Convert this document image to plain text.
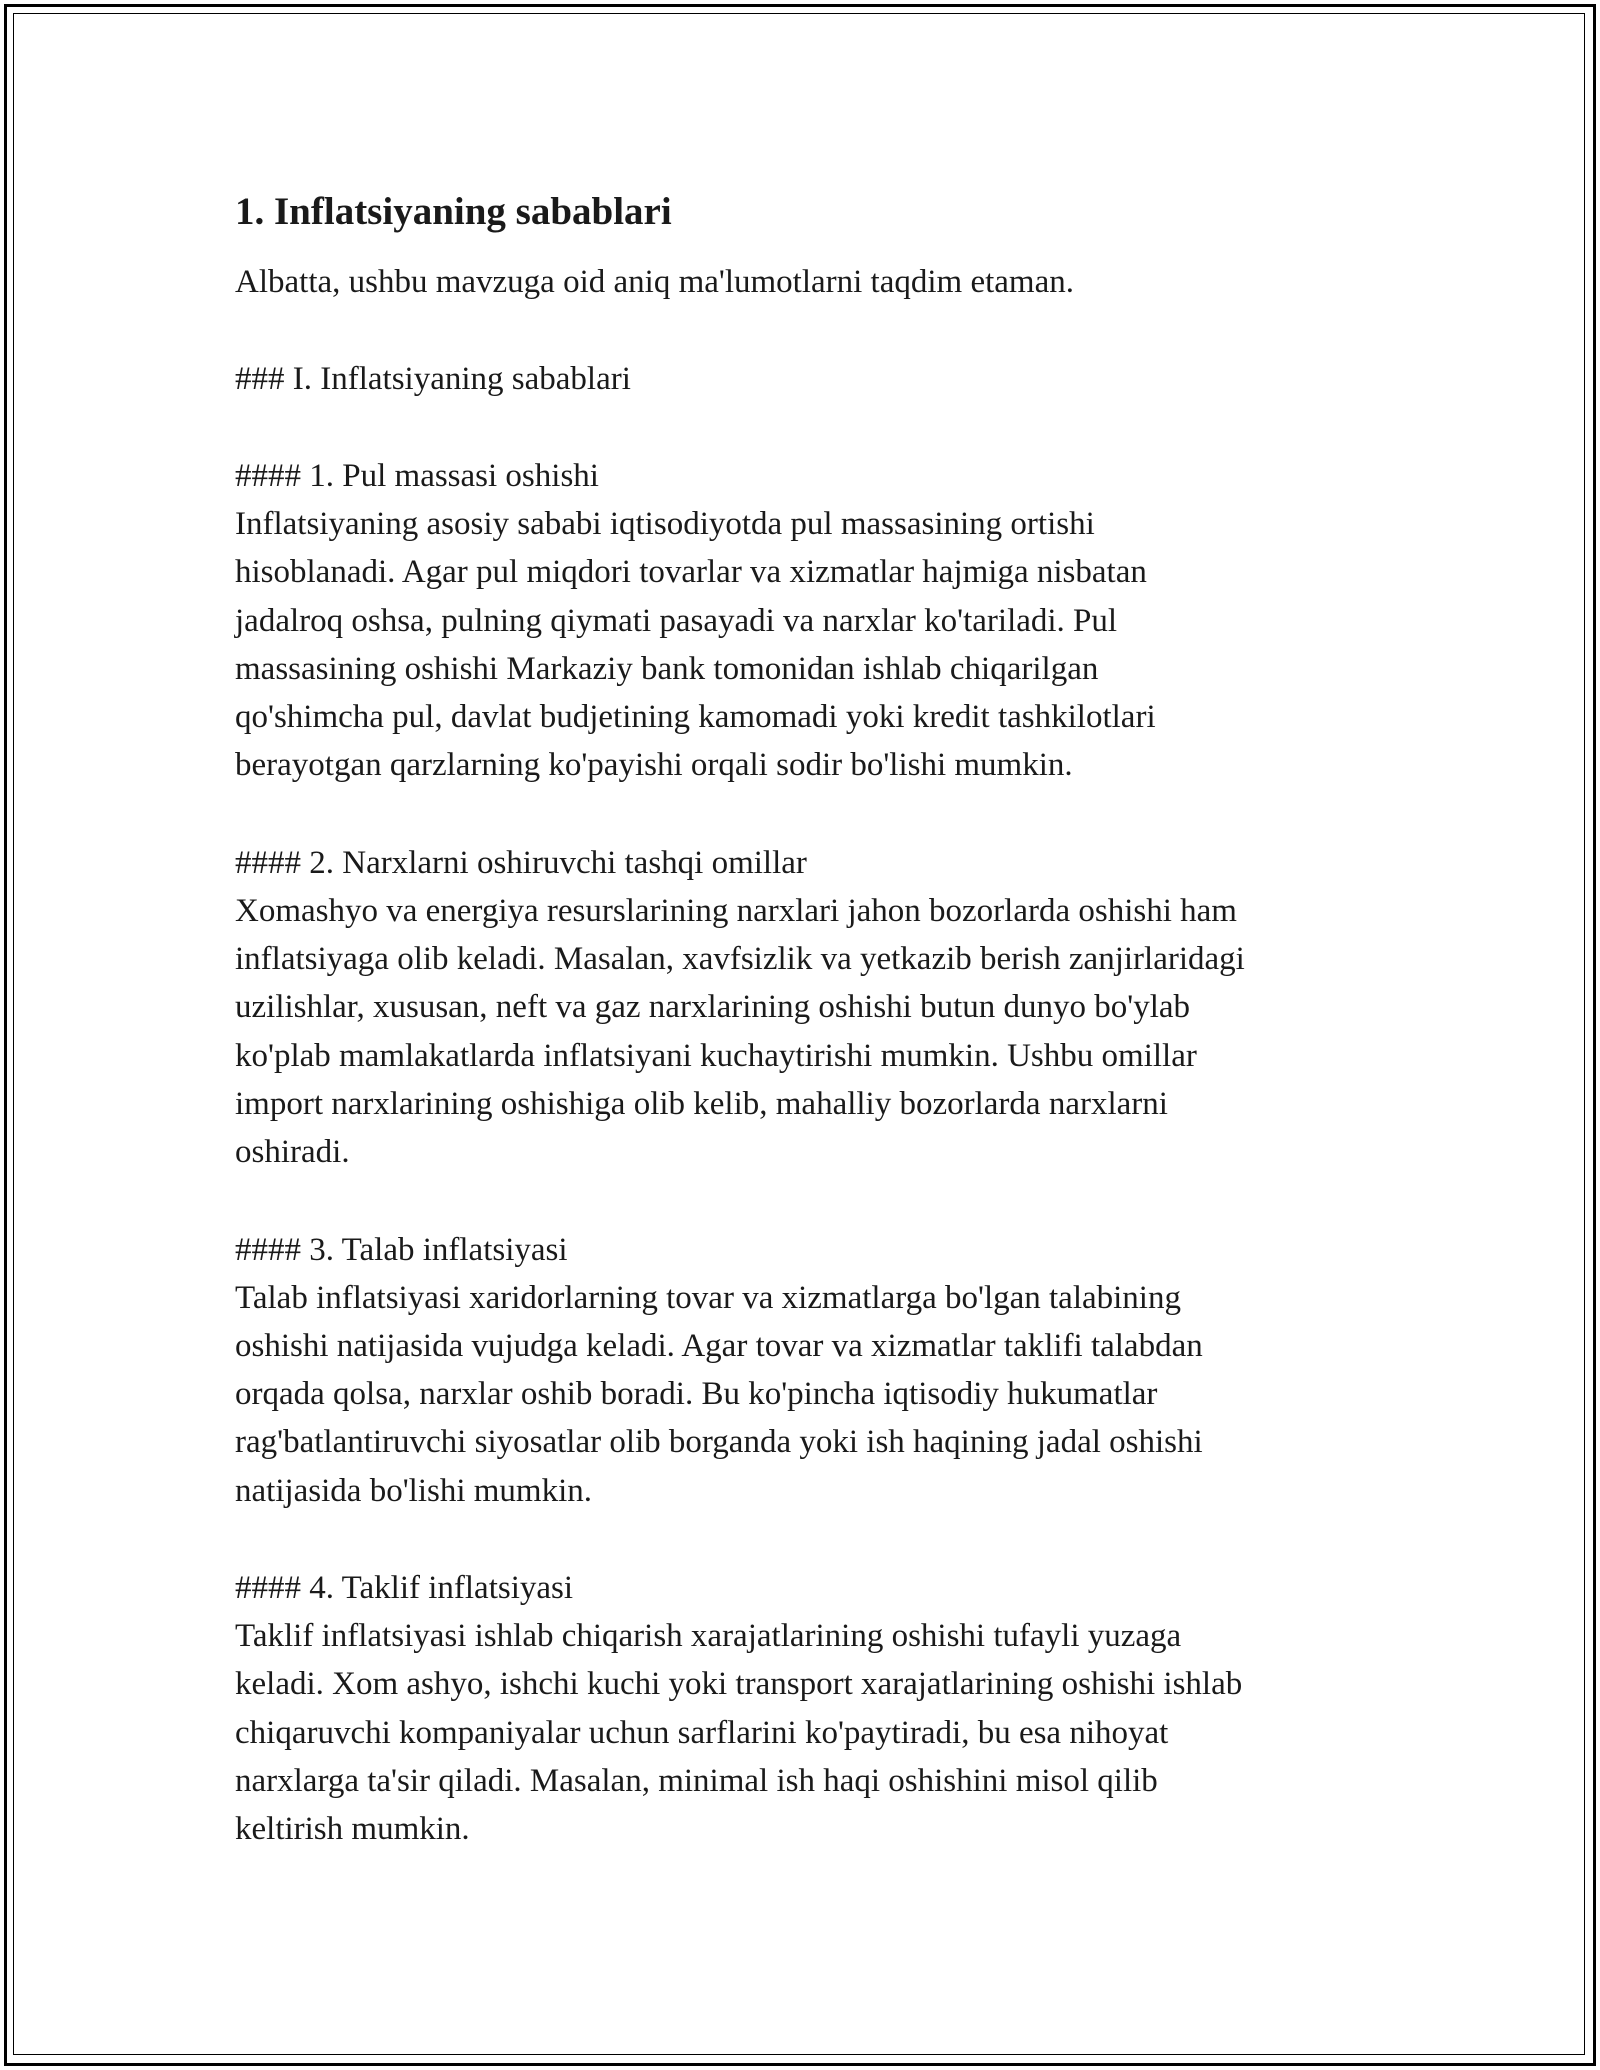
1. Inflatsiyaning sabablari

Albatta, ushbu mavzuga oid aniq ma'lumotlarni taqdim etaman.

### I. Inflatsiyaning sabablari

#### 1. Pul massasi oshishi

Inflatsiyaning asosiy sababi iqtisodiyotda pul massasining ortishi
hisoblanadi. Agar pul miqdori tovarlar va xizmatlar hajmiga nisbatan
jadalroq oshsa, pulning qiymati pasayadi va narxlar ko'tariladi. Pul
massasining oshishi Markaziy bank tomonidan ishlab chiqarilgan
qo'shimcha pul, davlat budjetining kamomadi yoki kredit tashkilotlari
berayotgan qarzlarning ko'payishi orqali sodir bo'lishi mumkin.

#### 2. Narxlarni oshiruvchi tashqi omillar

Xomashyo va energiya resurslarining narxlari jahon bozorlarda oshishi ham
inflatsiyaga olib keladi. Masalan, xavfsizlik va yetkazib berish zanjirlaridagi
uzilishlar, xususan, neft va gaz narxlarining oshishi butun dunyo bo'ylab
ko'plab mamlakatlarda inflatsiyani kuchaytirishi mumkin. Ushbu omillar
import narxlarining oshishiga olib kelib, mahalliy bozorlarda narxlarni
oshiradi.

#### 3. Talab inflatsiyasi

Talab inflatsiyasi xaridorlarning tovar va xizmatlarga bo'lgan talabining
oshishi natijasida vujudga keladi. Agar tovar va xizmatlar taklifi talabdan
orqada qolsa, narxlar oshib boradi. Bu ko'pincha iqtisodiy hukumatlar
rag'batlantiruvchi siyosatlar olib borganda yoki ish haqining jadal oshishi
natijasida bo'lishi mumkin.

#### 4. Taklif inflatsiyasi

Taklif inflatsiyasi ishlab chiqarish xarajatlarining oshishi tufayli yuzaga
keladi. Xom ashyo, ishchi kuchi yoki transport xarajatlarining oshishi ishlab
chiqaruvchi kompaniyalar uchun sarflarini ko'paytiradi, bu esa nihoyat
narxlarga ta'sir qiladi. Masalan, minimal ish haqi oshishini misol qilib
keltirish mumkin.
